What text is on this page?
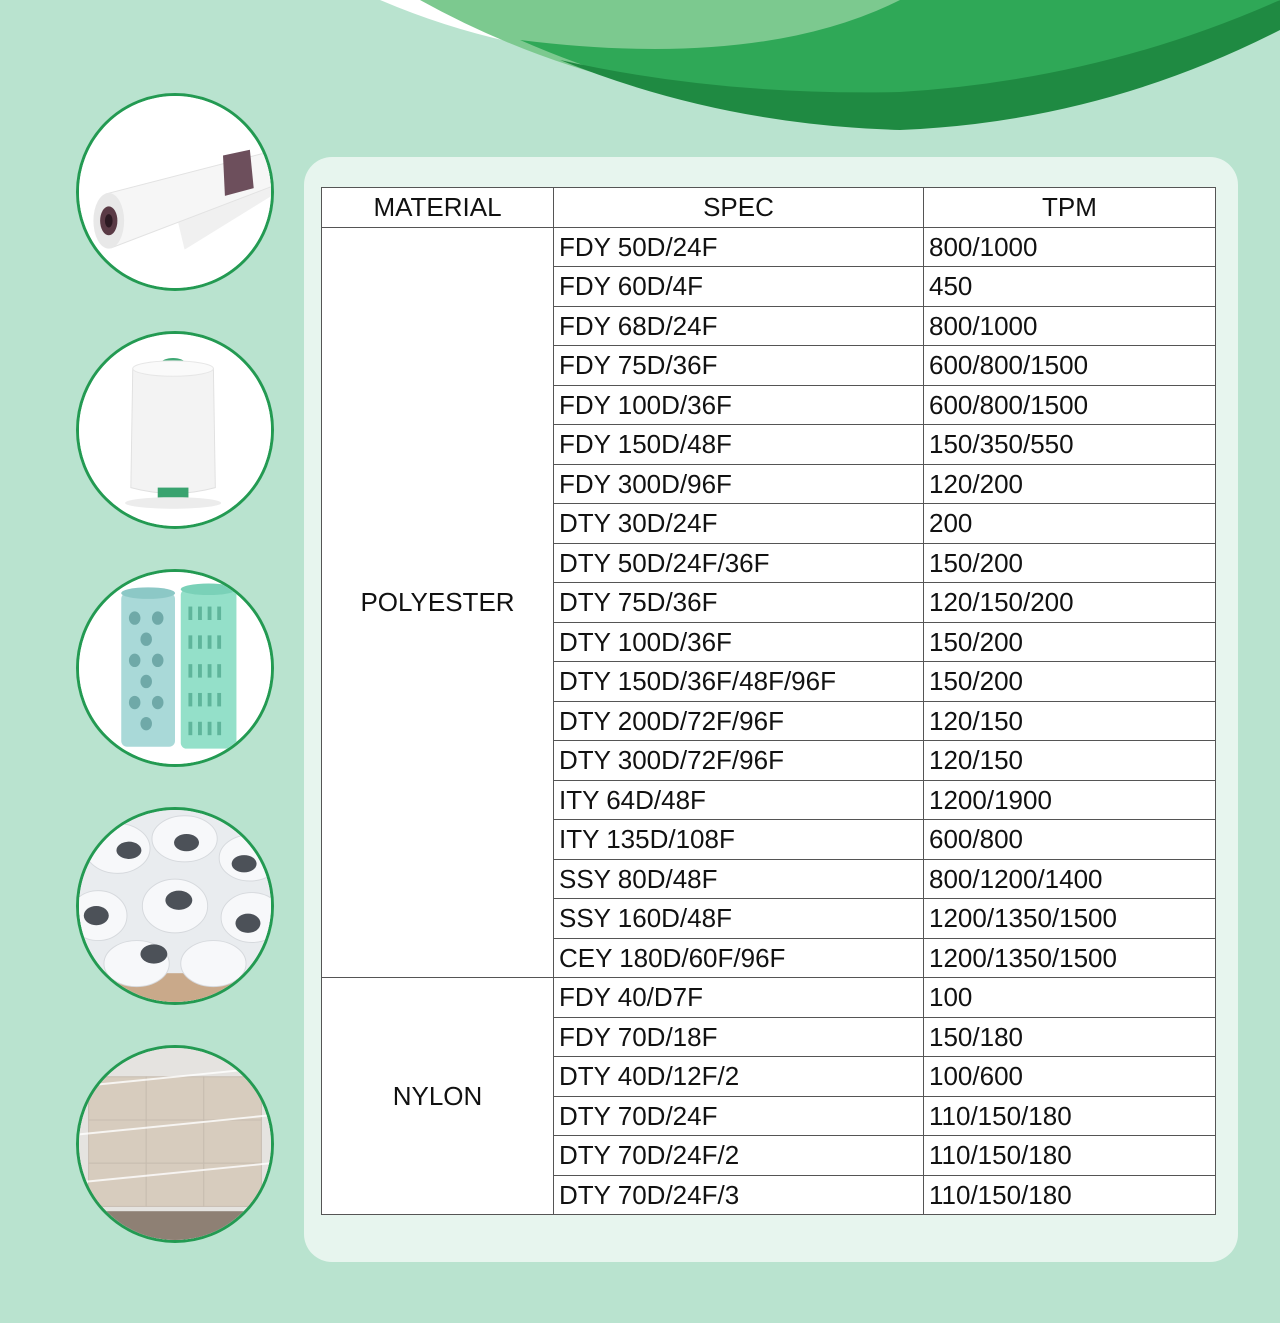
MATERIAL	SPEC	TPM
POLYESTER	FDY 50D/24F	800/1000
	FDY 60D/4F	450
	FDY 68D/24F	800/1000
	FDY 75D/36F	600/800/1500
	FDY 100D/36F	600/800/1500
	FDY 150D/48F	150/350/550
	FDY 300D/96F	120/200
	DTY 30D/24F	200
	DTY 50D/24F/36F	150/200
	DTY 75D/36F	120/150/200
	DTY 100D/36F	150/200
	DTY 150D/36F/48F/96F	150/200
	DTY 200D/72F/96F	120/150
	DTY 300D/72F/96F	120/150
	ITY 64D/48F	1200/1900
	ITY 135D/108F	600/800
	SSY 80D/48F	800/1200/1400
	SSY 160D/48F	1200/1350/1500
	CEY 180D/60F/96F	1200/1350/1500
NYLON	FDY 40/D7F	100
	FDY 70D/18F	150/180
	DTY 40D/12F/2	100/600
	DTY 70D/24F	110/150/180
	DTY 70D/24F/2	110/150/180
	DTY 70D/24F/3	110/150/180
